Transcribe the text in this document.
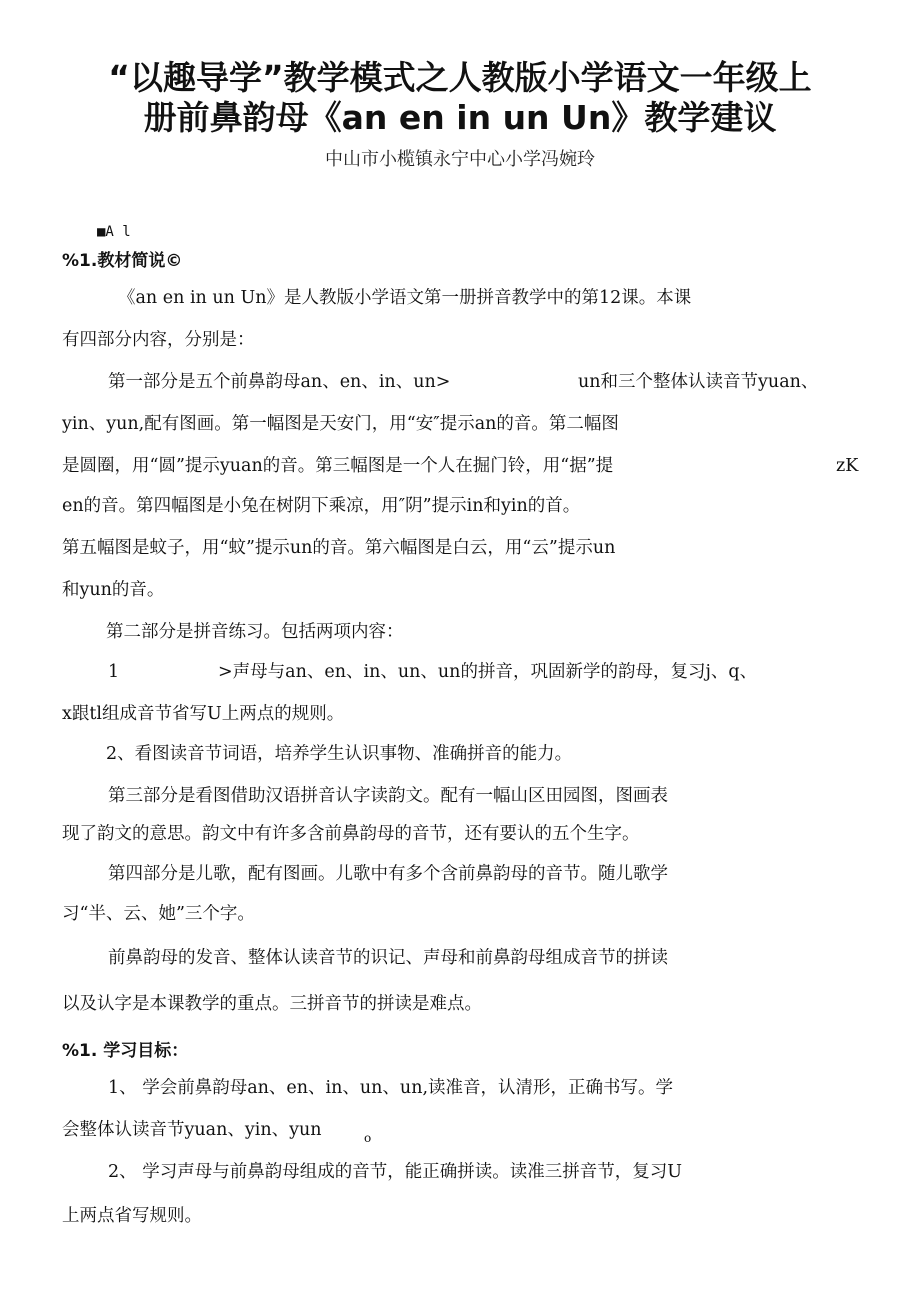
“以趣导学”教学模式之人教版小学语文一年级上
册前鼻韵母《an en in un Un》教学建议
中山市小榄镇永宁中心小学冯婉玲
■A l
%1.教材简说©
《an en in un Un》是人教版小学语文第一册拼音教学中的第12课。本课
有四部分内容，分别是：
第一部分是五个前鼻韵母an、en、in、un>	un和三个整体认读音节yuan、
yin、yun,配有图画。第一幅图是天安门，用“安″提示an的音。第二幅图
是圆圈，用“圆”提示yuan的音。第三幅图是一个人在掘门铃，用“据”提	zK
en的音。第四幅图是小兔在树阴下乘凉，用″阴”提示in和yin的首。
第五幅图是蚊子，用“蚊”提示un的音。第六幅图是白云，用“云”提示un
和yun的音。
第二部分是拼音练习。包括两项内容：
1	>声母与an、en、in、un、un的拼音，巩固新学的韵母，复习j、q、
x跟tl组成音节省写U上两点的规则。
2、看图读音节词语，培养学生认识事物、准确拼音的能力。
第三部分是看图借助汉语拼音认字读韵文。配有一幅山区田园图，图画表
现了韵文的意思。韵文中有许多含前鼻韵母的音节，还有要认的五个生字。
第四部分是儿歌，配有图画。儿歌中有多个含前鼻韵母的音节。随儿歌学
习“半、云、她”三个字。
前鼻韵母的发音、整体认读音节的识记、声母和前鼻韵母组成音节的拼读
以及认字是本课教学的重点。三拼音节的拼读是难点。
%1. 学习目标：
1、 学会前鼻韵母an、en、in、un、un,读准音，认清形，正确书写。学
会整体认读音节yuan、yin、yun	o
2、 学习声母与前鼻韵母组成的音节，能正确拼读。读准三拼音节，复习U
上两点省写规则。
